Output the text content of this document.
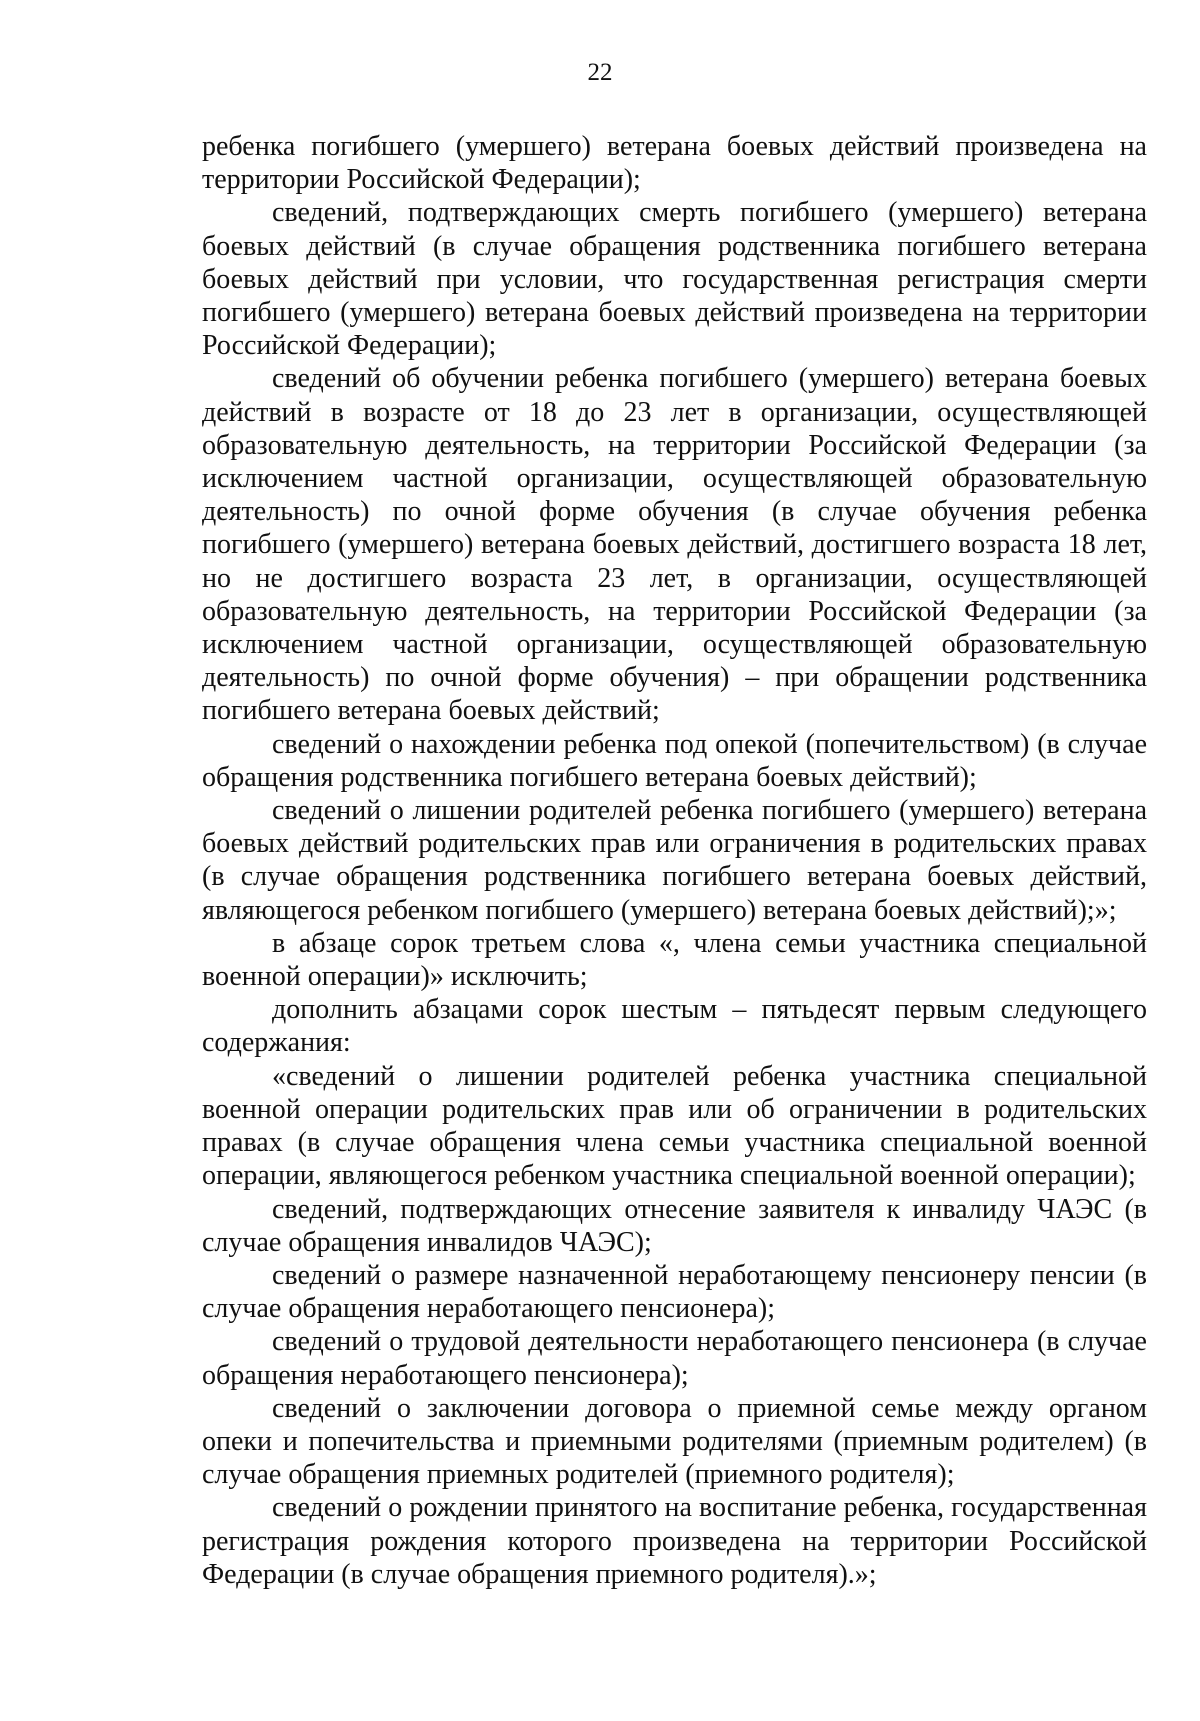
22

ребенка погибшего (умершего) ветерана боевых действий произведена на территории Российской Федерации);

сведений, подтверждающих смерть погибшего (умершего) ветерана боевых действий (в случае обращения родственника погибшего ветерана боевых действий при условии, что государственная регистрация смерти погибшего (умершего) ветерана боевых действий произведена на территории Российской Федерации);

сведений об обучении ребенка погибшего (умершего) ветерана боевых действий в возрасте от 18 до 23 лет в организации, осуществляющей образовательную деятельность, на территории Российской Федерации (за исключением частной организации, осуществляющей образовательную деятельность) по очной форме обучения (в случае обучения ребенка погибшего (умершего) ветерана боевых действий, достигшего возраста 18 лет, но не достигшего возраста 23 лет, в организации, осуществляющей образовательную деятельность, на территории Российской Федерации (за исключением частной организации, осуществляющей образовательную деятельность) по очной форме обучения) – при обращении родственника погибшего ветерана боевых действий;

сведений о нахождении ребенка под опекой (попечительством) (в случае обращения родственника погибшего ветерана боевых действий);

сведений о лишении родителей ребенка погибшего (умершего) ветерана боевых действий родительских прав или ограничения в родительских правах (в случае обращения родственника погибшего ветерана боевых действий, являющегося ребенком погибшего (умершего) ветерана боевых действий);»;

в абзаце сорок третьем слова «, члена семьи участника специальной военной операции)» исключить;

дополнить абзацами сорок шестым – пятьдесят первым следующего содержания:

«сведений о лишении родителей ребенка участника специальной военной операции родительских прав или об ограничении в родительских правах (в случае обращения члена семьи участника специальной военной операции, являющегося ребенком участника специальной военной операции);

сведений, подтверждающих отнесение заявителя к инвалиду ЧАЭС (в случае обращения инвалидов ЧАЭС);

сведений о размере назначенной неработающему пенсионеру пенсии (в случае обращения неработающего пенсионера);

сведений о трудовой деятельности неработающего пенсионера (в случае обращения неработающего пенсионера);

сведений о заключении договора о приемной семье между органом опеки и попечительства и приемными родителями (приемным родителем) (в случае обращения приемных родителей (приемного родителя);

сведений о рождении принятого на воспитание ребенка, государственная регистрация рождения которого произведена на территории Российской Федерации (в случае обращения приемного родителя).»;
